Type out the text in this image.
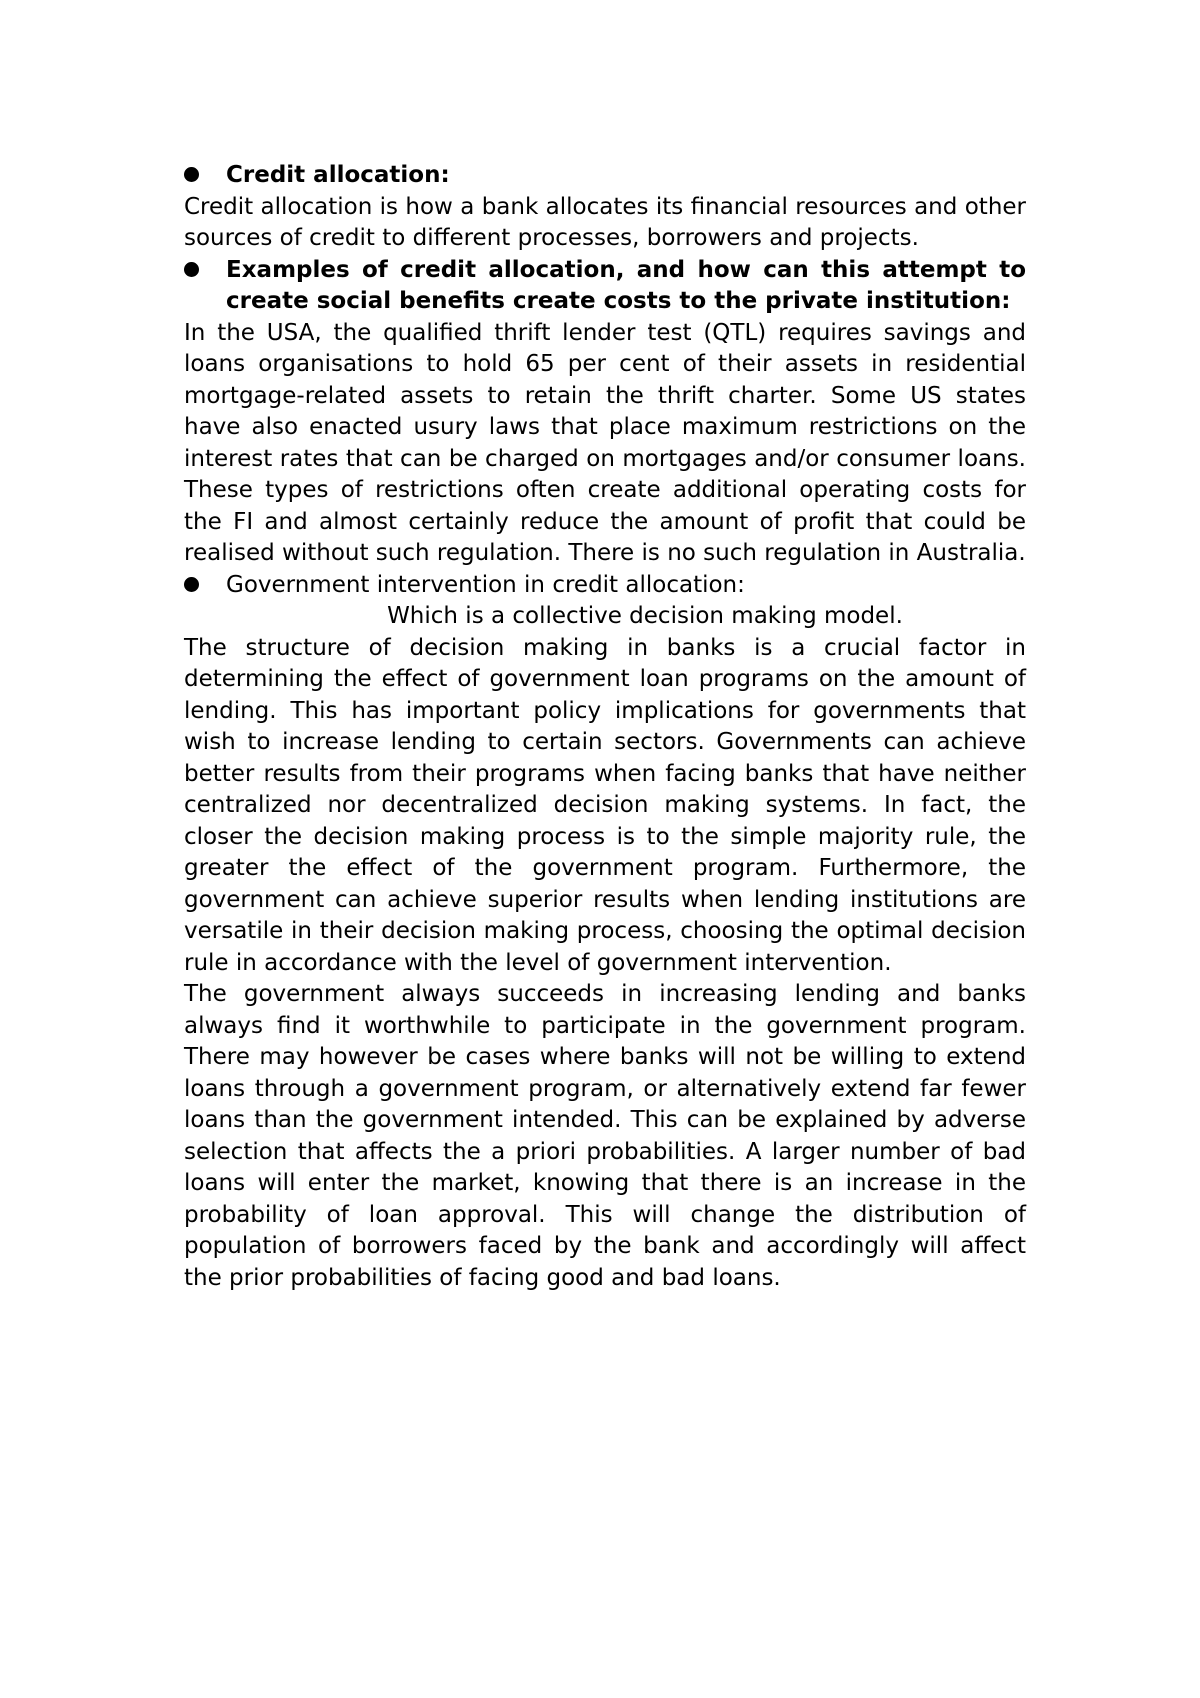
Credit allocation:

Credit allocation is how a bank allocates its financial resources and other sources of credit to different processes, borrowers and projects.

Examples of credit allocation, and how can this attempt to create social benefits create costs to the private institution:

In the USA, the qualified thrift lender test (QTL) requires savings and loans organisations to hold 65 per cent of their assets in residential mortgage-related assets to retain the thrift charter. Some US states have also enacted usury laws that place maximum restrictions on the interest rates that can be charged on mortgages and/or consumer loans. These types of restrictions often create additional operating costs for the FI and almost certainly reduce the amount of profit that could be realised without such regulation. There is no such regulation in Australia.

Government intervention in credit allocation:
Which is a collective decision making model.

The structure of decision making in banks is a crucial factor in determining the effect of government loan programs on the amount of lending. This has important policy implications for governments that wish to increase lending to certain sectors. Governments can achieve better results from their programs when facing banks that have neither centralized nor decentralized decision making systems. In fact, the closer the decision making process is to the simple majority rule, the greater the effect of the government program. Furthermore, the government can achieve superior results when lending institutions are versatile in their decision making process, choosing the optimal decision rule in accordance with the level of government intervention.

The government always succeeds in increasing lending and banks always find it worthwhile to participate in the government program. There may however be cases where banks will not be willing to extend loans through a government program, or alternatively extend far fewer loans than the government intended. This can be explained by adverse selection that affects the a priori probabilities. A larger number of bad loans will enter the market, knowing that there is an increase in the probability of loan approval. This will change the distribution of population of borrowers faced by the bank and accordingly will affect the prior probabilities of facing good and bad loans.
